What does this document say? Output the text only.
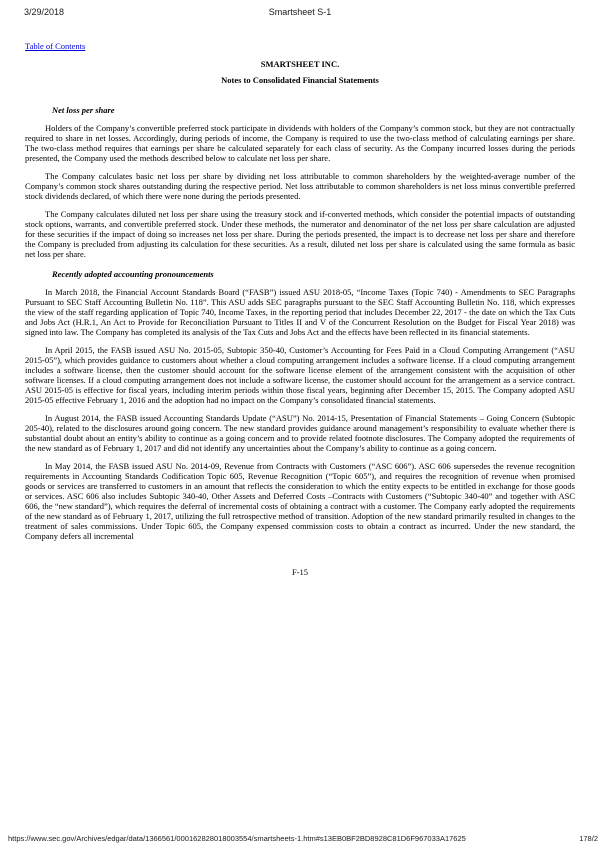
3/29/2018	Smartsheet S-1
Table of Contents
SMARTSHEET INC.
Notes to Consolidated Financial Statements
Net loss per share

Holders of the Company’s convertible preferred stock participate in dividends with holders of the Company’s common stock, but they are not contractually required to share in net losses. Accordingly, during periods of income, the Company is required to use the two-class method of calculating earnings per share. The two-class method requires that earnings per share be calculated separately for each class of security. As the Company incurred losses during the periods presented, the Company used the methods described below to calculate net loss per share.

The Company calculates basic net loss per share by dividing net loss attributable to common shareholders by the weighted-average number of the Company’s common stock shares outstanding during the respective period. Net loss attributable to common shareholders is net loss minus convertible preferred stock dividends declared, of which there were none during the periods presented.

The Company calculates diluted net loss per share using the treasury stock and if-converted methods, which consider the potential impacts of outstanding stock options, warrants, and convertible preferred stock. Under these methods, the numerator and denominator of the net loss per share calculation are adjusted for these securities if the impact of doing so increases net loss per share. During the periods presented, the impact is to decrease net loss per share and therefore the Company is precluded from adjusting its calculation for these securities. As a result, diluted net loss per share is calculated using the same formula as basic net loss per share.

Recently adopted accounting pronouncements

In March 2018, the Financial Account Standards Board (“FASB”) issued ASU 2018-05, “Income Taxes (Topic 740) - Amendments to SEC Paragraphs Pursuant to SEC Staff Accounting Bulletin No. 118”. This ASU adds SEC paragraphs pursuant to the SEC Staff Accounting Bulletin No. 118, which expresses the view of the staff regarding application of Topic 740, Income Taxes, in the reporting period that includes December 22, 2017 - the date on which the Tax Cuts and Jobs Act (H.R.1, An Act to Provide for Reconciliation Pursuant to Titles II and V of the Concurrent Resolution on the Budget for Fiscal Year 2018) was signed into law. The Company has completed its analysis of the Tax Cuts and Jobs Act and the effects have been reflected in its financial statements.

In April 2015, the FASB issued ASU No. 2015-05, Subtopic 350-40, Customer’s Accounting for Fees Paid in a Cloud Computing Arrangement (“ASU 2015-05”), which provides guidance to customers about whether a cloud computing arrangement includes a software license. If a cloud computing arrangement includes a software license, then the customer should account for the software license element of the arrangement consistent with the acquisition of other software licenses. If a cloud computing arrangement does not include a software license, the customer should account for the arrangement as a service contract. ASU 2015-05 is effective for fiscal years, including interim periods within those fiscal years, beginning after December 15, 2015. The Company adopted ASU 2015-05 effective February 1, 2016 and the adoption had no impact on the Company’s consolidated financial statements.

In August 2014, the FASB issued Accounting Standards Update (“ASU”) No. 2014-15, Presentation of Financial Statements – Going Concern (Subtopic 205-40), related to the disclosures around going concern. The new standard provides guidance around management’s responsibility to evaluate whether there is substantial doubt about an entity’s ability to continue as a going concern and to provide related footnote disclosures. The Company adopted the requirements of the new standard as of February 1, 2017 and did not identify any uncertainties about the Company’s ability to continue as a going concern.

In May 2014, the FASB issued ASU No. 2014-09, Revenue from Contracts with Customers (“ASC 606”). ASC 606 supersedes the revenue recognition requirements in Accounting Standards Codification Topic 605, Revenue Recognition (“Topic 605”), and requires the recognition of revenue when promised goods or services are transferred to customers in an amount that reflects the consideration to which the entity expects to be entitled in exchange for those goods or services. ASC 606 also includes Subtopic 340-40, Other Assets and Deferred Costs –Contracts with Customers (“Subtopic 340-40” and together with ASC 606, the “new standard”), which requires the deferral of incremental costs of obtaining a contract with a customer. The Company early adopted the requirements of the new standard as of February 1, 2017, utilizing the full retrospective method of transition. Adoption of the new standard primarily resulted in changes to the treatment of sales commissions. Under Topic 605, the Company expensed commission costs to obtain a contract as incurred. Under the new standard, the Company defers all incremental

F-15
https://www.sec.gov/Archives/edgar/data/1366561/000162828018003554/smartsheets-1.htm#s13EB0BF2BD8928C81D6F967033A17625	178/2
